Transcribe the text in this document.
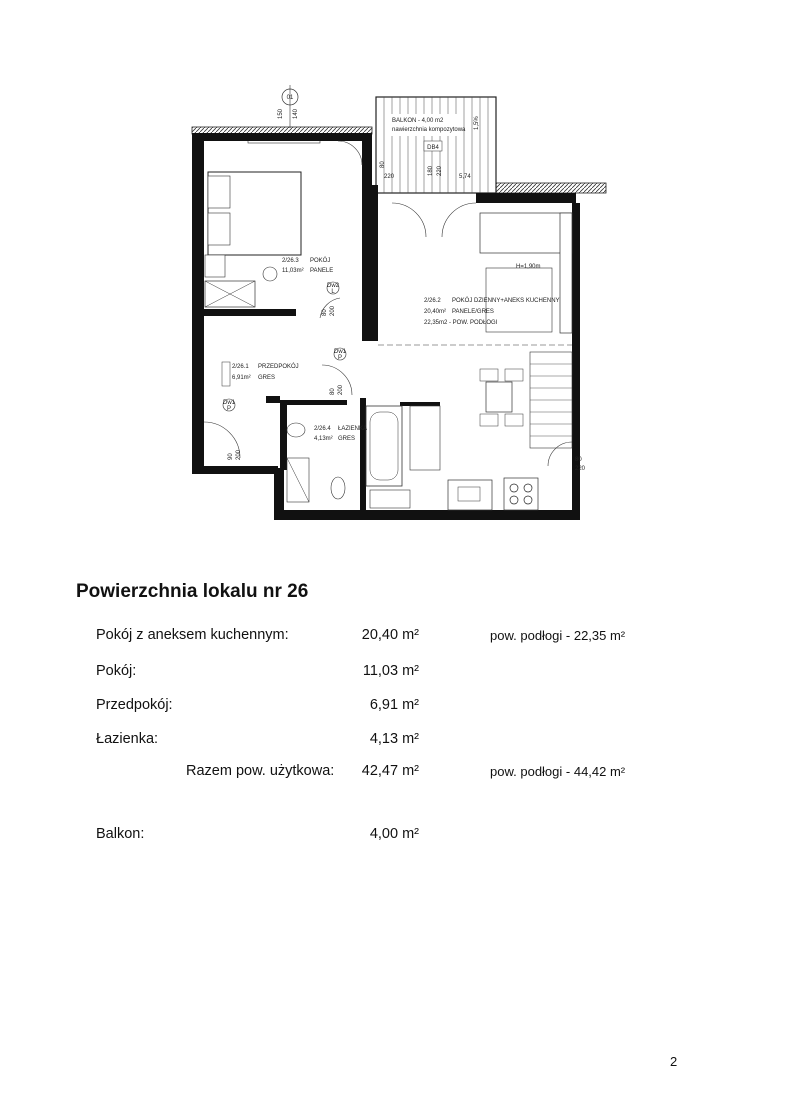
01
150 140
BALKON - 4,00 m2
nawierzchnia kompozytowa 1,5%
5,74
DB4
80
220
180 220
2/26.3 POKÓJ
11,03m² PANELE
Dw2
L
80 200
H=1,90m
2/26.2 POKÓJ DZIENNY+ANEKS KUCHENNY
20,40m² PANELE/GRES
22,35m2 - POW. PODŁOGI
80
220
2/26.1 PRZEDPOKÓJ
6,91m² GRES
Dw1
P
90 200
Dw1
P
80 200
2/26.4 ŁAZIENKA
4,13m² GRES
Powierzchnia lokalu nr 26
Pokój z aneksem kuchennym:	20,40 m²	pow. podłogi - 22,35 m²
Pokój:	11,03 m²
Przedpokój:	6,91 m²
Łazienka:	4,13 m²
Razem pow. użytkowa: 42,47 m²	pow. podłogi - 44,42 m²
Balkon:	4,00 m²
2
